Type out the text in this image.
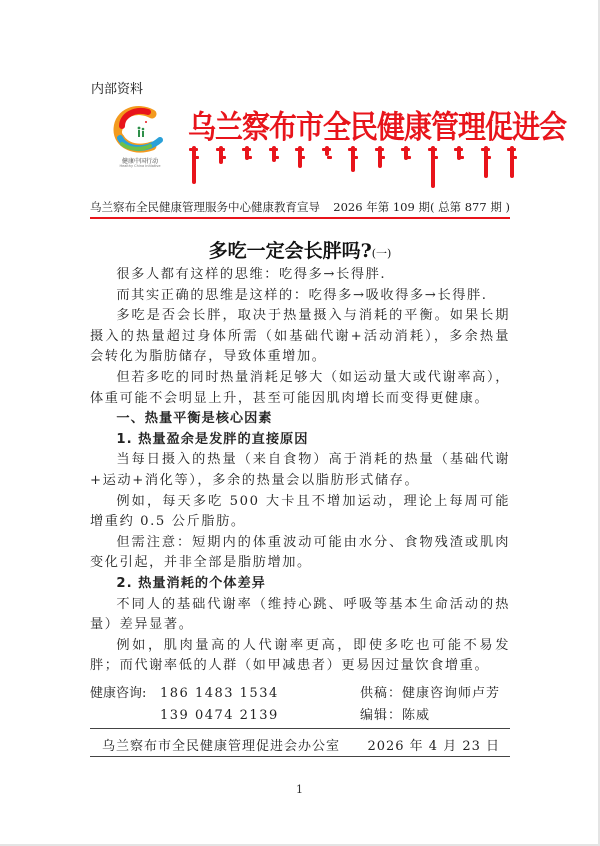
内部资料
健康中国行动
Healthy China Initiative
乌兰察布市全民健康管理促进会
乌兰察布全民健康管理服务中心健康教育宣导 2026 年第 109 期( 总第 877 期 )
多吃一定会长胖吗?(一)

很多人都有这样的思维：吃得多→长得胖.

而其实正确的思维是这样的：吃得多→吸收得多→长得胖.

多吃是否会长胖，取决于热量摄入与消耗的平衡。如果长期摄入的热量超过身体所需（如基础代谢+活动消耗），多余热量会转化为脂肪储存，导致体重增加。

但若多吃的同时热量消耗足够大（如运动量大或代谢率高），体重可能不会明显上升，甚至可能因肌肉增长而变得更健康。

一、热量平衡是核心因素

1. 热量盈余是发胖的直接原因

当每日摄入的热量（来自食物）高于消耗的热量（基础代谢+运动+消化等），多余的热量会以脂肪形式储存。

例如，每天多吃 500 大卡且不增加运动，理论上每周可能增重约 0.5 公斤脂肪。

但需注意：短期内的体重波动可能由水分、食物残渣或肌肉变化引起，并非全部是脂肪增加。

2. 热量消耗的个体差异

不同人的基础代谢率（维持心跳、呼吸等基本生命活动的热量）差异显著。

例如，肌肉量高的人代谢率更高，即使多吃也可能不易发胖；而代谢率低的人群（如甲减患者）更易因过量饮食增重。

健康咨询:	186 1483 1534	供稿：健康咨询师卢芳
139 0474 2139	编辑：陈威
乌兰察布市全民健康管理促进会办公室 2026 年 4 月 23 日
1
